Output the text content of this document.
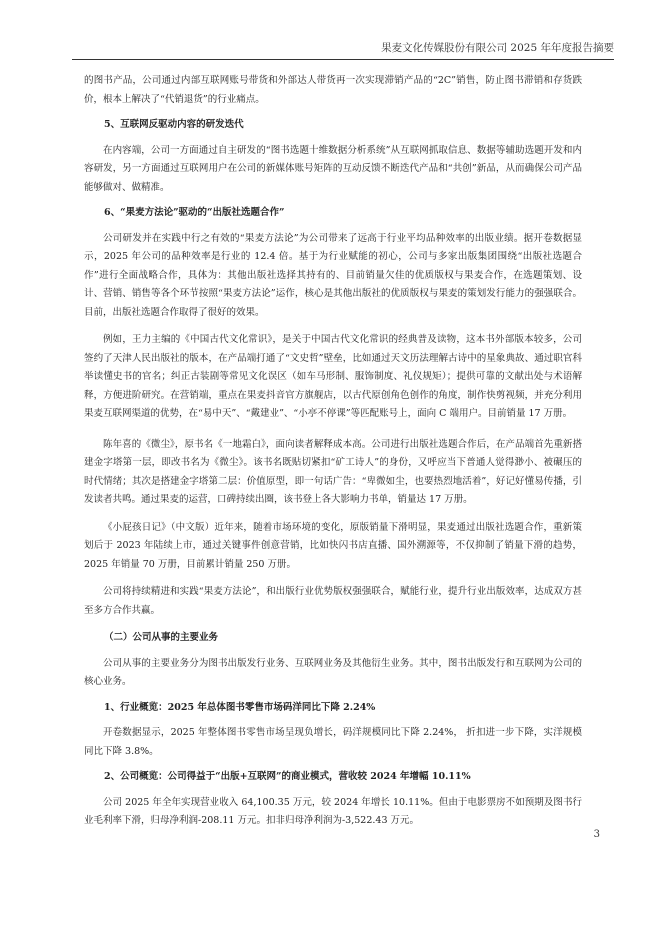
果麦文化传媒股份有限公司 2025 年年度报告摘要

的图书产品，公司通过内部互联网账号带货和外部达人带货再一次实现滞销产品的“2C”销售，防止图书滞销和存货跌价，根本上解决了“代销退货”的行业痛点。

5、互联网反驱动内容的研发迭代

在内容端，公司一方面通过自主研发的“图书选题十维数据分析系统”从互联网抓取信息、数据等辅助选题开发和内容研发，另一方面通过互联网用户在公司的新媒体账号矩阵的互动反馈不断迭代产品和“共创”新品，从而确保公司产品能够做对、做精准。

6、“果麦方法论”驱动的“出版社选题合作”

公司研发并在实践中行之有效的“果麦方法论”为公司带来了远高于行业平均品种效率的出版业绩。据开卷数据显示，2025 年公司的品种效率是行业的 12.4 倍。基于为行业赋能的初心，公司与多家出版集团围绕“出版社选题合作”进行全面战略合作，具体为：其他出版社选择其持有的、目前销量欠佳的优质版权与果麦合作，在选题策划、设计、营销、销售等各个环节按照“果麦方法论”运作，核心是其他出版社的优质版权与果麦的策划发行能力的强强联合。目前，出版社选题合作取得了很好的效果。

例如，王力主编的《中国古代文化常识》，是关于中国古代文化常识的经典普及读物，这本书外部版本较多，公司签约了天津人民出版社的版本，在产品端打通了“文史哲”壁垒，比如通过天文历法理解古诗中的星象典故、通过职官科举读懂史书的官名；纠正古装剧等常见文化误区（如车马形制、服饰制度、礼仪规矩）；提供可靠的文献出处与术语解释，方便进阶研究。在营销端，重点在果麦抖音官方旗舰店，以古代原创角色创作的角度，制作快剪视频，并充分利用果麦互联网渠道的优势，在“易中天”、“戴建业”、“小亭不停课”等匹配账号上，面向 C 端用户。目前销量 17 万册。

陈年喜的《微尘》，原书名《一地霜白》，面向读者解释成本高。公司进行出版社选题合作后，在产品端首先重新搭建金字塔第一层，即改书名为《微尘》。该书名既贴切紧扣“矿工诗人”的身份，又呼应当下普通人觉得渺小、被碾压的时代情绪；其次是搭建金字塔第二层：价值原型，即一句话广告：“卑微如尘，也要热烈地活着”，好记好懂易传播，引发读者共鸣。通过果麦的运营，口碑持续出圈，该书登上各大影响力书单，销量达 17 万册。

《小屁孩日记》（中文版）近年来，随着市场环境的变化，原版销量下滑明显，果麦通过出版社选题合作，重新策划后于 2023 年陆续上市，通过关键事件创意营销，比如快闪书店直播、国外溯源等，不仅抑制了销量下滑的趋势，2025 年销量 70 万册，目前累计销量 250 万册。

公司将持续精进和实践“果麦方法论”，和出版行业优势版权强强联合，赋能行业，提升行业出版效率，达成双方甚至多方合作共赢。

（二）公司从事的主要业务

公司从事的主要业务分为图书出版发行业务、互联网业务及其他衍生业务。其中，图书出版发行和互联网为公司的核心业务。

1、行业概览：2025 年总体图书零售市场码洋同比下降 2.24%

开卷数据显示，2025 年整体图书零售市场呈现负增长，码洋规模同比下降 2.24%， 折扣进一步下降，实洋规模同比下降 3.8%。

2、公司概览：公司得益于“出版+互联网”的商业模式，营收较 2024 年增幅 10.11%

公司 2025 年全年实现营业收入 64,100.35 万元，较 2024 年增长 10.11%。但由于电影票房不如预期及图书行业毛利率下滑，归母净利润-208.11 万元。扣非归母净利润为-3,522.43 万元。

3
